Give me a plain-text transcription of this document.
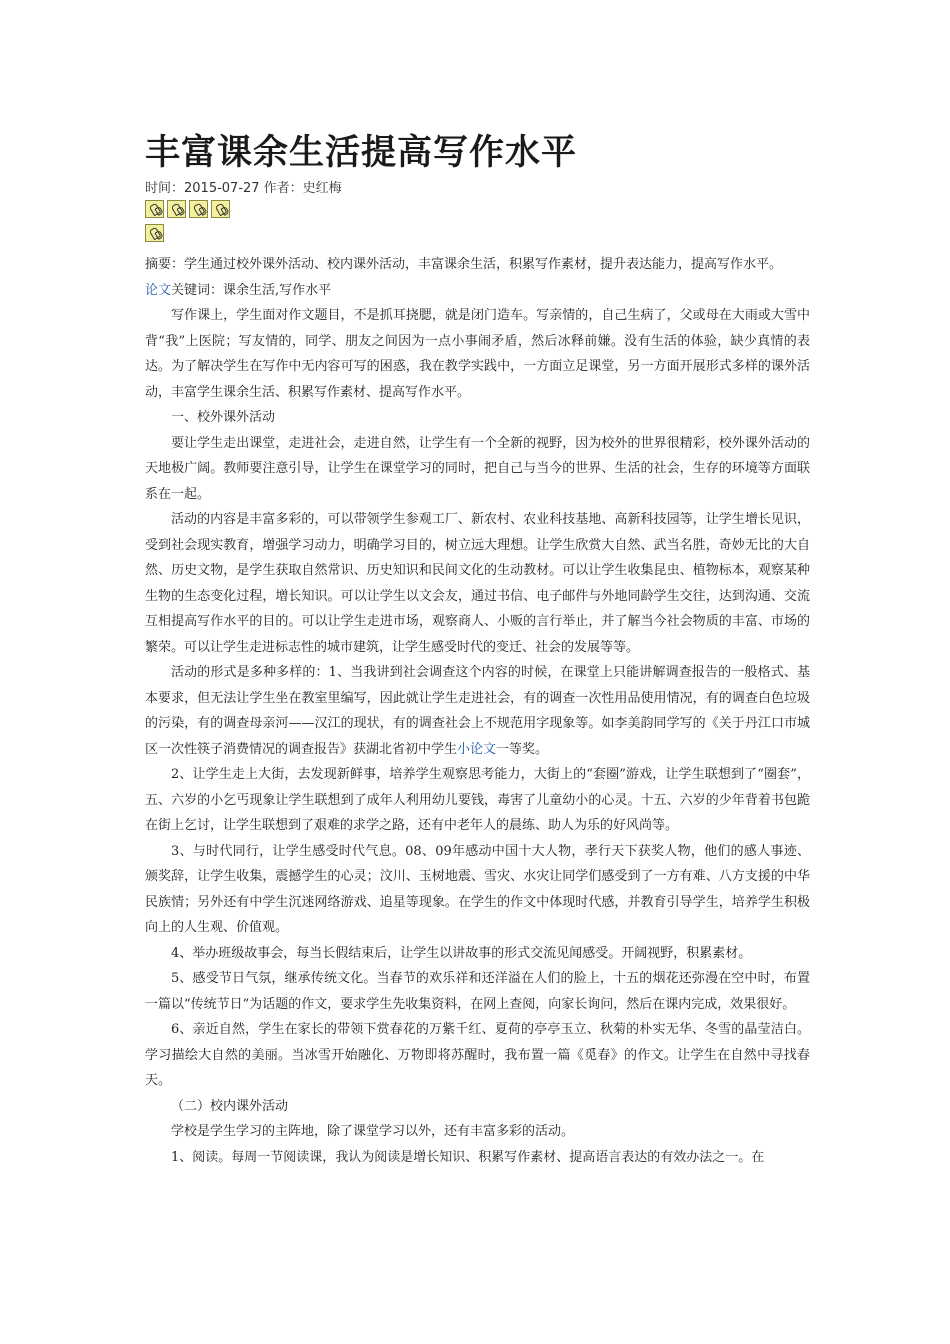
丰富课余生活提高写作水平
时间：2015-07-27 作者：史红梅

摘要：学生通过校外课外活动、校内课外活动，丰富课余生活，积累写作素材，提升表达能力，提高写作水平。

论文关键词：课余生活,写作水平

写作课上，学生面对作文题目，不是抓耳挠腮，就是闭门造车。写亲情的，自己生病了，父或母在大雨或大雪中背“我”上医院；写友情的，同学、朋友之间因为一点小事闹矛盾，然后冰释前嫌。没有生活的体验，缺少真情的表达。为了解决学生在写作中无内容可写的困惑，我在教学实践中，一方面立足课堂，另一方面开展形式多样的课外活动，丰富学生课余生活、积累写作素材、提高写作水平。

一、校外课外活动

要让学生走出课堂，走进社会，走进自然，让学生有一个全新的视野，因为校外的世界很精彩，校外课外活动的天地极广阔。教师要注意引导，让学生在课堂学习的同时，把自己与当今的世界、生活的社会，生存的环境等方面联系在一起。

活动的内容是丰富多彩的，可以带领学生参观工厂、新农村、农业科技基地、高新科技园等，让学生增长见识，受到社会现实教育，增强学习动力，明确学习目的，树立远大理想。让学生欣赏大自然、武当名胜，奇妙无比的大自然、历史文物，是学生获取自然常识、历史知识和民间文化的生动教材。可以让学生收集昆虫、植物标本，观察某种生物的生态变化过程，增长知识。可以让学生以文会友，通过书信、电子邮件与外地同龄学生交往，达到沟通、交流互相提高写作水平的目的。可以让学生走进市场，观察商人、小贩的言行举止，并了解当今社会物质的丰富、市场的繁荣。可以让学生走进标志性的城市建筑，让学生感受时代的变迁、社会的发展等等。

活动的形式是多种多样的：1、当我讲到社会调查这个内容的时候，在课堂上只能讲解调查报告的一般格式、基本要求，但无法让学生坐在教室里编写，因此就让学生走进社会，有的调查一次性用品使用情况，有的调查白色垃圾的污染，有的调查母亲河——汉江的现状，有的调查社会上不规范用字现象等。如李美韵同学写的《关于丹江口市城区一次性筷子消费情况的调查报告》获湖北省初中学生小论文一等奖。

2、让学生走上大街，去发现新鲜事，培养学生观察思考能力，大街上的“套圈”游戏，让学生联想到了“圈套”，五、六岁的小乞丐现象让学生联想到了成年人利用幼儿要钱，毒害了儿童幼小的心灵。十五、六岁的少年背着书包跪在街上乞讨，让学生联想到了艰难的求学之路，还有中老年人的晨练、助人为乐的好风尚等。

3、与时代同行，让学生感受时代气息。08、09年感动中国十大人物，孝行天下获奖人物，他们的感人事迹、颁奖辞，让学生收集，震撼学生的心灵；汶川、玉树地震、雪灾、水灾让同学们感受到了一方有难、八方支援的中华民族情；另外还有中学生沉迷网络游戏、追星等现象。在学生的作文中体现时代感，并教育引导学生，培养学生积极向上的人生观、价值观。

4、举办班级故事会，每当长假结束后，让学生以讲故事的形式交流见闻感受。开阔视野，积累素材。

5、感受节日气氛，继承传统文化。当春节的欢乐祥和还洋溢在人们的脸上，十五的烟花还弥漫在空中时，布置一篇以“传统节日”为话题的作文，要求学生先收集资料，在网上查阅，向家长询问，然后在课内完成，效果很好。

6、亲近自然，学生在家长的带领下赏春花的万紫千红、夏荷的亭亭玉立、秋菊的朴实无华、冬雪的晶莹洁白。学习描绘大自然的美丽。当冰雪开始融化、万物即将苏醒时，我布置一篇《觅春》的作文。让学生在自然中寻找春天。

（二）校内课外活动

学校是学生学习的主阵地，除了课堂学习以外，还有丰富多彩的活动。

1、阅读。每周一节阅读课，我认为阅读是增长知识、积累写作素材、提高语言表达的有效办法之一。在
